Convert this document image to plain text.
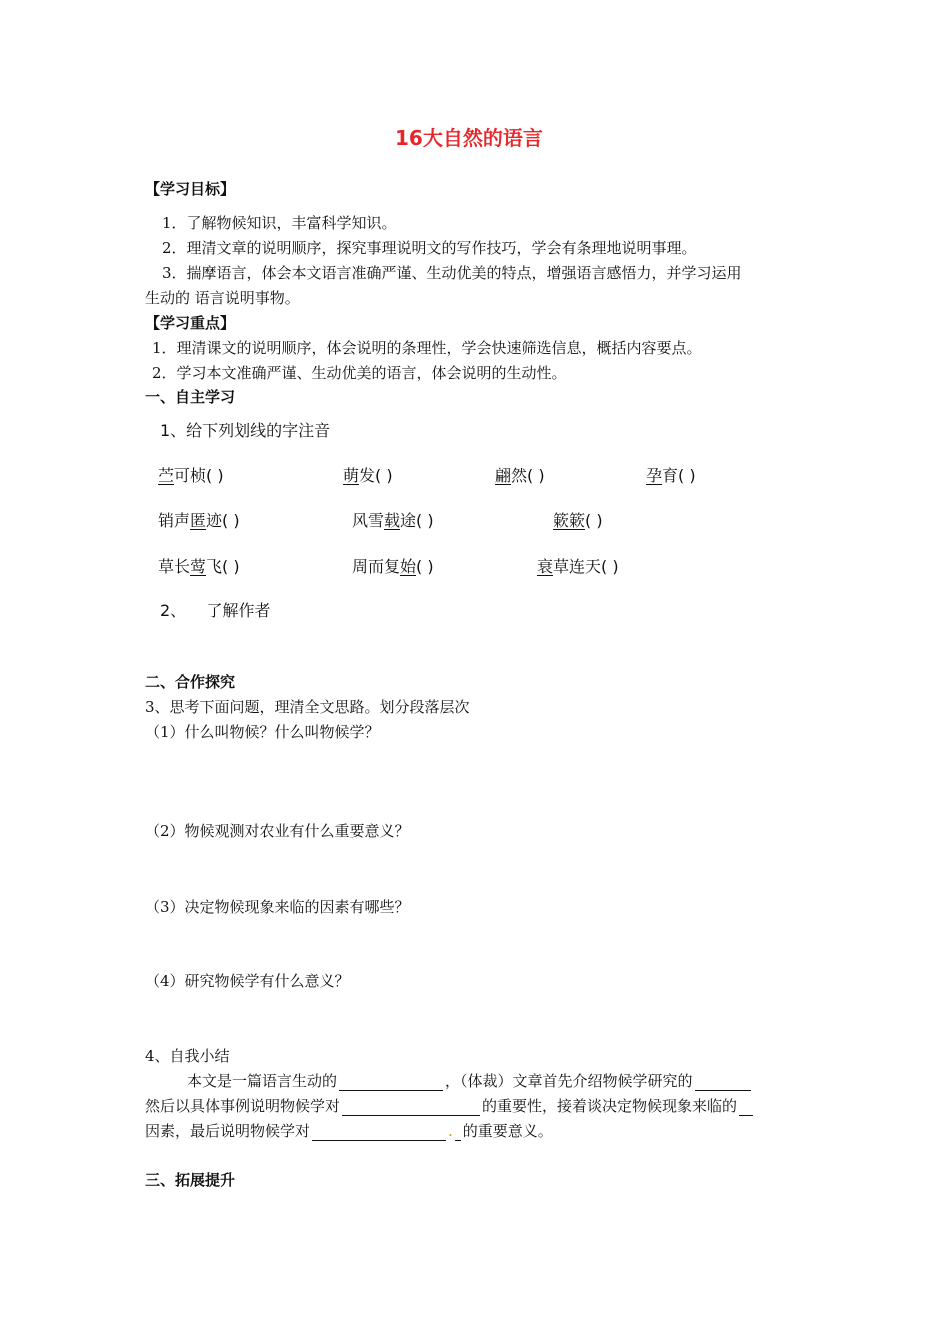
16大自然的语言
【学习目标】
1．了解物候知识，丰富科学知识。
2．理清文章的说明顺序，探究事理说明文的写作技巧，学会有条理地说明事理。
3．揣摩语言，体会本文语言准确严谨、生动优美的特点，增强语言感悟力，并学习运用
生动的 语言说明事物。
【学习重点】
1．理清课文的说明顺序，体会说明的条理性，学会快速筛选信息，概括内容要点。
2．学习本文准确严谨、生动优美的语言，体会说明的生动性。
一、自主学习
1、给下列划线的字注音
苎可桢( )	萌发( )	翩然( )	孕育( )
销声匿迹( )	风雪载途( )	簌簌( )
草长莺飞( )	周而复始( )	衰草连天( )
2、    了解作者
二、合作探究
3、思考下面问题，理清全文思路。划分段落层次
（1）什么叫物候？什么叫物候学？
（2）物候观测对农业有什么重要意义？
（3）决定物候现象来临的因素有哪些？
（4）研究物候学有什么意义？
4、自我小结
本文是一篇语言生动的	，（体裁）文章首先介绍物候学研究的
然后以具体事例说明物候学对	的重要性，接着谈决定物候现象来临的
因素，最后说明物候学对	. 的重要意义。
三、拓展提升
